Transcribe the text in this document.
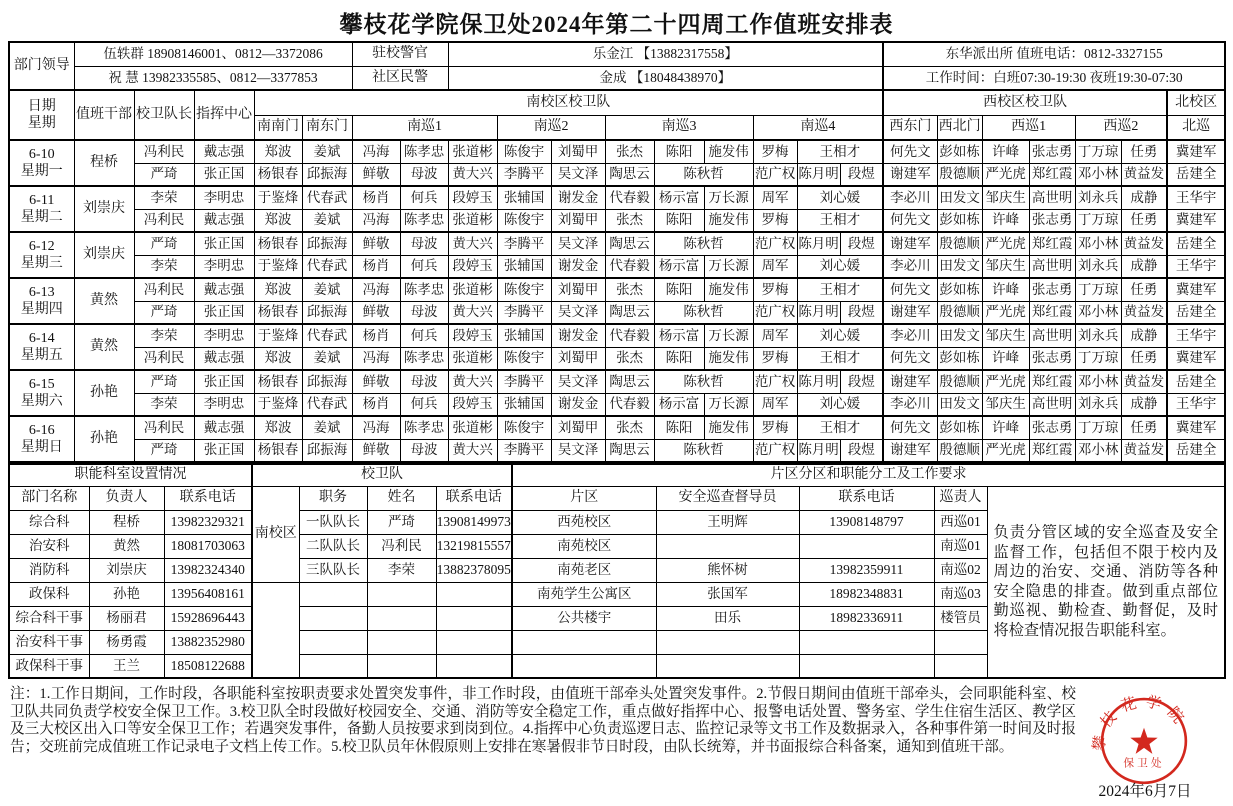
攀枝花学院保卫处2024年第二十四周工作值班安排表
部门领导	伍轶群 18908146001、0812—3372086					驻校警官		乐金江 【13882317558】									东华派出所 值班电话：0812-3327155						
	祝 慧 13982335585、0812—3377853					社区民警		金成 【18048438970】									工作时间：白班07:30-19:30 夜班19:30-07:30						

日期
星期	值班干部	校卫队长	指挥中心	南校区校卫队													西校区校卫队						北校区
				南南门	南东门	南巡1			南巡2		南巡3			南巡4			西东门	西北门	西巡1		西巡2		北巡

6-10
星期一	程桥	冯利民	戴志强	郑波	姜斌	冯海	陈孝忠	张道彬	陈俊宇	刘蜀甲	张杰	陈阳	施发伟	罗梅	王相才		何先文	彭如栋	许峰	张志勇	丁万琼	任勇	冀建军
		严琦	张正国	杨银春	邱振海	鲜敬	母波	黄大兴	李腾平	吴文泽	陶思云	陈秋哲		范广权	陈月明	段煜	谢建军	殷德顺	严光虎	郑红霞	邓小林	黄益发	岳建全

6-11
星期二	刘崇庆	李荣	李明忠	于鉴烽	代春武	杨肖	何兵	段婷玉	张辅国	谢发金	代春毅	杨示富	万长源	周军	刘心媛		李必川	田发文	邹庆生	高世明	刘永兵	成静	王华宇
		冯利民	戴志强	郑波	姜斌	冯海	陈孝忠	张道彬	陈俊宇	刘蜀甲	张杰	陈阳	施发伟	罗梅	王相才		何先文	彭如栋	许峰	张志勇	丁万琼	任勇	冀建军

6-12
星期三	刘崇庆	严琦	张正国	杨银春	邱振海	鲜敬	母波	黄大兴	李腾平	吴文泽	陶思云	陈秋哲		范广权	陈月明	段煜	谢建军	殷德顺	严光虎	郑红霞	邓小林	黄益发	岳建全
		李荣	李明忠	于鉴烽	代春武	杨肖	何兵	段婷玉	张辅国	谢发金	代春毅	杨示富	万长源	周军	刘心媛		李必川	田发文	邹庆生	高世明	刘永兵	成静	王华宇

6-13
星期四	黄然	冯利民	戴志强	郑波	姜斌	冯海	陈孝忠	张道彬	陈俊宇	刘蜀甲	张杰	陈阳	施发伟	罗梅	王相才		何先文	彭如栋	许峰	张志勇	丁万琼	任勇	冀建军
		严琦	张正国	杨银春	邱振海	鲜敬	母波	黄大兴	李腾平	吴文泽	陶思云	陈秋哲		范广权	陈月明	段煜	谢建军	殷德顺	严光虎	郑红霞	邓小林	黄益发	岳建全

6-14
星期五	黄然	李荣	李明忠	于鉴烽	代春武	杨肖	何兵	段婷玉	张辅国	谢发金	代春毅	杨示富	万长源	周军	刘心媛		李必川	田发文	邹庆生	高世明	刘永兵	成静	王华宇
		冯利民	戴志强	郑波	姜斌	冯海	陈孝忠	张道彬	陈俊宇	刘蜀甲	张杰	陈阳	施发伟	罗梅	王相才		何先文	彭如栋	许峰	张志勇	丁万琼	任勇	冀建军

6-15
星期六	孙艳	严琦	张正国	杨银春	邱振海	鲜敬	母波	黄大兴	李腾平	吴文泽	陶思云	陈秋哲		范广权	陈月明	段煜	谢建军	殷德顺	严光虎	郑红霞	邓小林	黄益发	岳建全
		李荣	李明忠	于鉴烽	代春武	杨肖	何兵	段婷玉	张辅国	谢发金	代春毅	杨示富	万长源	周军	刘心媛		李必川	田发文	邹庆生	高世明	刘永兵	成静	王华宇

6-16
星期日	孙艳	冯利民	戴志强	郑波	姜斌	冯海	陈孝忠	张道彬	陈俊宇	刘蜀甲	张杰	陈阳	施发伟	罗梅	王相才		何先文	彭如栋	许峰	张志勇	丁万琼	任勇	冀建军
		严琦	张正国	杨银春	邱振海	鲜敬	母波	黄大兴	李腾平	吴文泽	陶思云	陈秋哲		范广权	陈月明	段煜	谢建军	殷德顺	严光虎	郑红霞	邓小林	黄益发	岳建全
职能科室设置情况			校卫队				片区分区和职能分工及工作要求				
部门名称	负责人	联系电话	南校区	职务	姓名	联系电话	片区	安全巡查督导员	联系电话	巡责人	负责分管区域的安全巡查及安全监督工作，包括但不限于校内及周边的治安、交通、消防等各种安全隐患的排查。做到重点部位勤巡视、勤检查、勤督促，及时将检查情况报告职能科室。
综合科	程桥	13982329321		一队队长	严琦	13908149973	西苑校区	王明辉	13908148797	西巡01	
治安科	黄然	18081703063		二队队长	冯利民	13219815557	南苑校区			南巡01	
消防科	刘崇庆	13982324340		三队队长	李荣	13882378095	南苑老区	熊怀树	13982359911	南巡02	
政保科	孙艳	13956408161					南苑学生公寓区	张国军	18982348831	南巡03	
综合科干事	杨丽君	15928696443					公共楼宇	田乐	18982336911	楼管员	
治安科干事	杨勇霞	13882352980									
政保科干事	王兰	18508122688									
注：1.工作日期间，工作时段，各职能科室按职责要求处置突发事件，非工作时段，由值班干部牵头处置突发事件。2.节假日期间由值班干部牵头，会同职能科室、校卫队共同负责学校安全保卫工作。3.校卫队全时段做好校园安全、交通、消防等安全稳定工作，重点做好指挥中心、报警电话处置、警务室、学生住宿生活区、教学区及三大校区出入口等安全保卫工作；若遇突发事件，备勤人员按要求到岗到位。4.指挥中心负责巡逻日志、监控记录等文书工作及数据录入，各种事件第一时间及时报告；交班前完成值班工作记录电子文档上传工作。5.校卫队员年休假原则上安排在寒暑假非节日时段，由队长统筹，并书面报综合科备案，通知到值班干部。	攀枝花学院
保卫处
2024年6月7日
